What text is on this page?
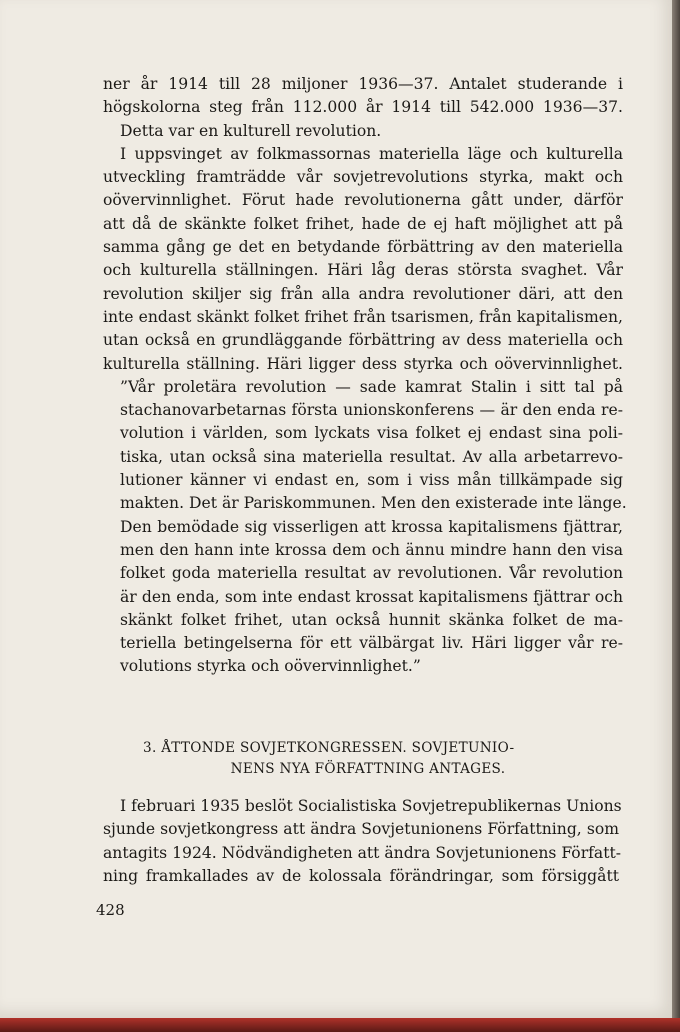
ner år 1914 till 28 miljoner 1936—37. Antalet studerande i
högskolorna steg från 112.000 år 1914 till 542.000 1936—37.
Detta var en kulturell revolution.
I uppsvinget av folkmassornas materiella läge och kulturella
utveckling framträdde vår sovjetrevolutions styrka, makt och
oövervinnlighet. Förut hade revolutionerna gått under, därför
att då de skänkte folket frihet, hade de ej haft möjlighet att på
samma gång ge det en betydande förbättring av den materiella
och kulturella ställningen. Häri låg deras största svaghet. Vår
revolution skiljer sig från alla andra revolutioner däri, att den
inte endast skänkt folket frihet från tsarismen, från kapitalismen,
utan också en grundläggande förbättring av dess materiella och
kulturella ställning. Häri ligger dess styrka och oövervinnlighet.
”Vår proletära revolution — sade kamrat Stalin i sitt tal på
stachanovarbetarnas första unionskonferens — är den enda re-
volution i världen, som lyckats visa folket ej endast sina poli-
tiska, utan också sina materiella resultat. Av alla arbetarrevo-
lutioner känner vi endast en, som i viss mån tillkämpade sig
makten. Det är Pariskommunen. Men den existerade inte länge.
Den bemödade sig visserligen att krossa kapitalismens fjättrar,
men den hann inte krossa dem och ännu mindre hann den visa
folket goda materiella resultat av revolutionen. Vår revolution
är den enda, som inte endast krossat kapitalismens fjättrar och
skänkt folket frihet, utan också hunnit skänka folket de ma-
teriella betingelserna för ett välbärgat liv. Häri ligger vår re-
volutions styrka och oövervinnlighet.”
3. ÅTTONDE SOVJETKONGRESSEN. SOVJETUNIO-
NENS NYA FÖRFATTNING ANTAGES.
I februari 1935 beslöt Socialistiska Sovjetrepublikernas Unions
sjunde sovjetkongress att ändra Sovjetunionens Författning, som
antagits 1924. Nödvändigheten att ändra Sovjetunionens Författ-
ning framkallades av de kolossala förändringar, som försiggått
428
